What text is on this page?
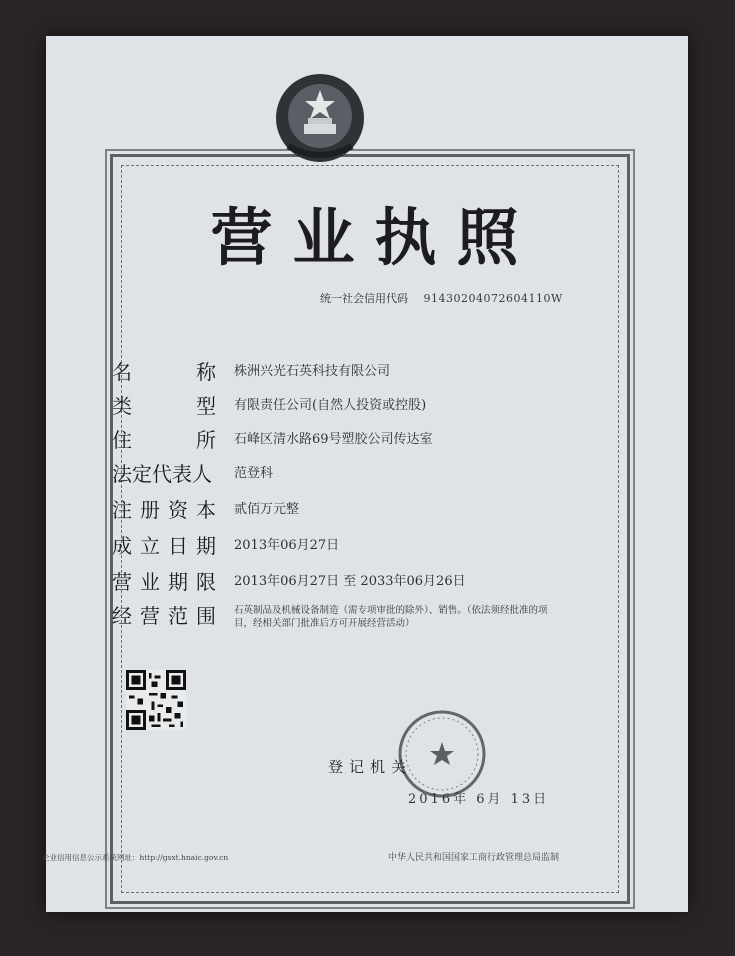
营业执照
统一社会信用代码 91430204072604110W
名	称 株洲兴光石英科技有限公司
类	型 有限责任公司(自然人投资或控股)
住	所 石峰区清水路69号塑胶公司传达室
法定代表人	范登科
注 册 资 本 贰佰万元整
成 立 日 期 2013年06月27日
营 业 期 限 2013年06月27日 至 2033年06月26日
经 营 范 围 石英制品及机械设备制造（需专项审批的除外）、销售。（依法须经批准的项目，经相关部门批准后方可开展经营活动）
登记机关
2016年 6月 13日
企业信用信息公示系统网址：http://gsxt.hnaic.gov.cn	中华人民共和国国家工商行政管理总局监制
